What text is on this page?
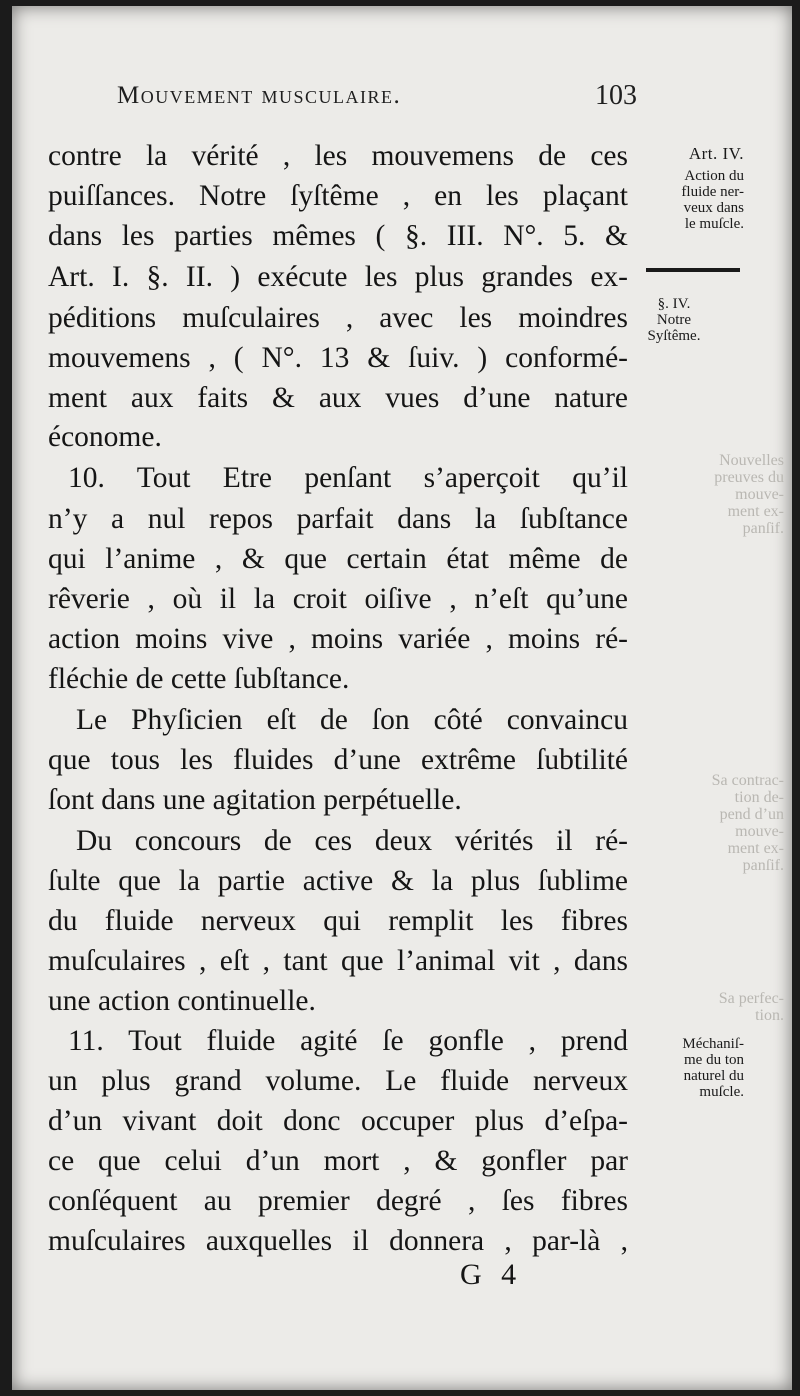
Mouvement musculaire.	103
contre la vérité , les mouvemens de ces
puiſſances. Notre ſyſtême , en les plaçant
dans les parties mêmes ( §. III. N°. 5. &
Art. I. §. II. ) exécute les plus grandes ex-
péditions muſculaires , avec les moindres
mouvemens , ( N°. 13 & ſuiv. ) conformé-
ment aux faits & aux vues d’une nature
économe.
10. Tout Etre penſant s’aperçoit qu’il
n’y a nul repos parfait dans la ſubſtance
qui l’anime , & que certain état même de
rêverie , où il la croit oiſive , n’eſt qu’une
action moins vive , moins variée , moins ré-
fléchie de cette ſubſtance.
Le Phyſicien eſt de ſon côté convaincu
que tous les fluides d’une extrême ſubtilité
ſont dans une agitation perpétuelle.
Du concours de ces deux vérités il ré-
ſulte que la partie active & la plus ſublime
du fluide nerveux qui remplit les fibres
muſculaires , eſt , tant que l’animal vit , dans
une action continuelle.
11. Tout fluide agité ſe gonfle , prend
un plus grand volume. Le fluide nerveux
d’un vivant doit donc occuper plus d’eſpa-
ce que celui d’un mort , & gonfler par
conſéquent au premier degré , ſes fibres
muſculaires auxquelles il donnera , par-là ,
Art. IV.
Action du
fluide ner-
veux dans
le muſcle.
§. IV.
Notre
Syſtême.
Méchaniſ-
me du ton
naturel du
muſcle.
Nouvelles
preuves du
mouve-
ment ex-
panſif.
Sa contrac-
tion de-
pend d’un
mouve-
ment ex-
panſif.
Sa perfec-
tion.
G 4
